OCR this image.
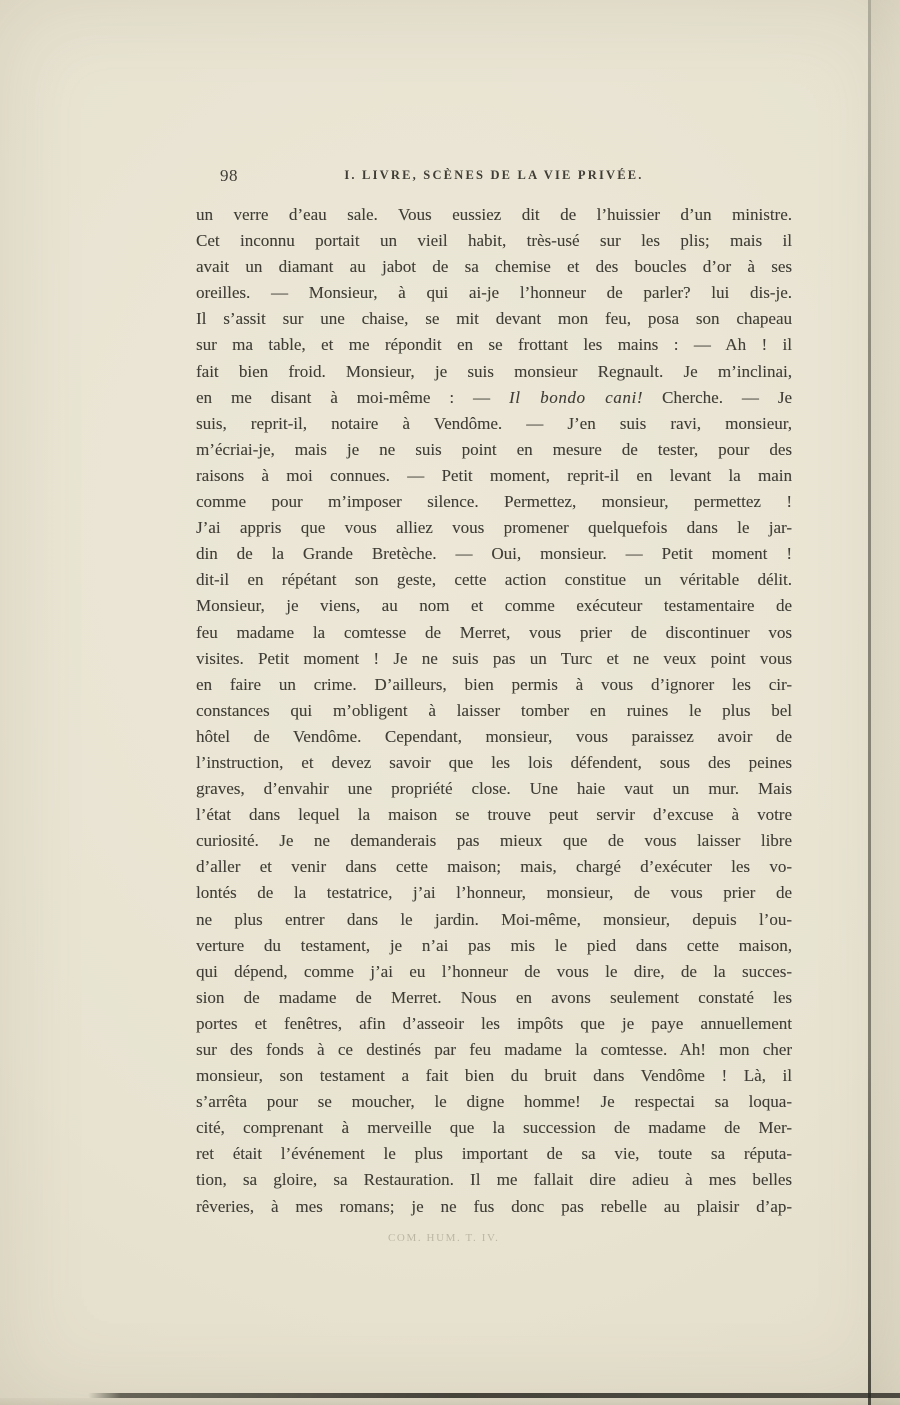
98	I. LIVRE, SCÈNES DE LA VIE PRIVÉE.
un verre d’eau sale. Vous eussiez dit de l’huissier d’un ministre.
Cet inconnu portait un vieil habit, très-usé sur les plis; mais il
avait un diamant au jabot de sa chemise et des boucles d’or à ses
oreilles. — Monsieur, à qui ai-je l’honneur de parler? lui dis-je.
Il s’assit sur une chaise, se mit devant mon feu, posa son chapeau
sur ma table, et me répondit en se frottant les mains : — Ah ! il
fait bien froid. Monsieur, je suis monsieur Regnault. Je m’inclinai,
en me disant à moi-même : — Il bondo cani! Cherche. — Je
suis, reprit-il, notaire à Vendôme. — J’en suis ravi, monsieur,
m’écriai-je, mais je ne suis point en mesure de tester, pour des
raisons à moi connues. — Petit moment, reprit-il en levant la main
comme pour m’imposer silence. Permettez, monsieur, permettez !
J’ai appris que vous alliez vous promener quelquefois dans le jar-
din de la Grande Bretèche. — Oui, monsieur. — Petit moment !
dit-il en répétant son geste, cette action constitue un véritable délit.
Monsieur, je viens, au nom et comme exécuteur testamentaire de
feu madame la comtesse de Merret, vous prier de discontinuer vos
visites. Petit moment ! Je ne suis pas un Turc et ne veux point vous
en faire un crime. D’ailleurs, bien permis à vous d’ignorer les cir-
constances qui m’obligent à laisser tomber en ruines le plus bel
hôtel de Vendôme. Cependant, monsieur, vous paraissez avoir de
l’instruction, et devez savoir que les lois défendent, sous des peines
graves, d’envahir une propriété close. Une haie vaut un mur. Mais
l’état dans lequel la maison se trouve peut servir d’excuse à votre
curiosité. Je ne demanderais pas mieux que de vous laisser libre
d’aller et venir dans cette maison; mais, chargé d’exécuter les vo-
lontés de la testatrice, j’ai l’honneur, monsieur, de vous prier de
ne plus entrer dans le jardin. Moi-même, monsieur, depuis l’ou-
verture du testament, je n’ai pas mis le pied dans cette maison,
qui dépend, comme j’ai eu l’honneur de vous le dire, de la succes-
sion de madame de Merret. Nous en avons seulement constaté les
portes et fenêtres, afin d’asseoir les impôts que je paye annuellement
sur des fonds à ce destinés par feu madame la comtesse. Ah! mon cher
monsieur, son testament a fait bien du bruit dans Vendôme ! Là, il
s’arrêta pour se moucher, le digne homme! Je respectai sa loqua-
cité, comprenant à merveille que la succession de madame de Mer-
ret était l’événement le plus important de sa vie, toute sa réputa-
tion, sa gloire, sa Restauration. Il me fallait dire adieu à mes belles
rêveries, à mes romans; je ne fus donc pas rebelle au plaisir d’ap-
COM. HUM. T. IV.
